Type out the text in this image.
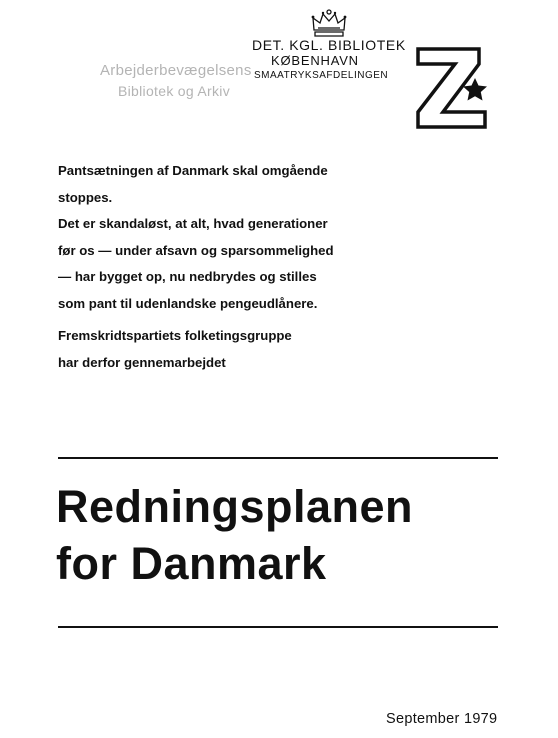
DET. KGL. BIBLIOTEK
KØBENHAVN
SMAATRYKSAFDELINGEN
Arbejderbevægelsens
Bibliotek og Arkiv
Pantsætningen af Danmark skal omgående
stoppes.
Det er skandaløst, at alt, hvad generationer
før os — under afsavn og sparsommelighed
— har bygget op, nu nedbrydes og stilles
som pant til udenlandske pengeudlånere.
Fremskridtspartiets folketingsgruppe
har derfor gennemarbejdet
Redningsplanen
for Danmark
September 1979
